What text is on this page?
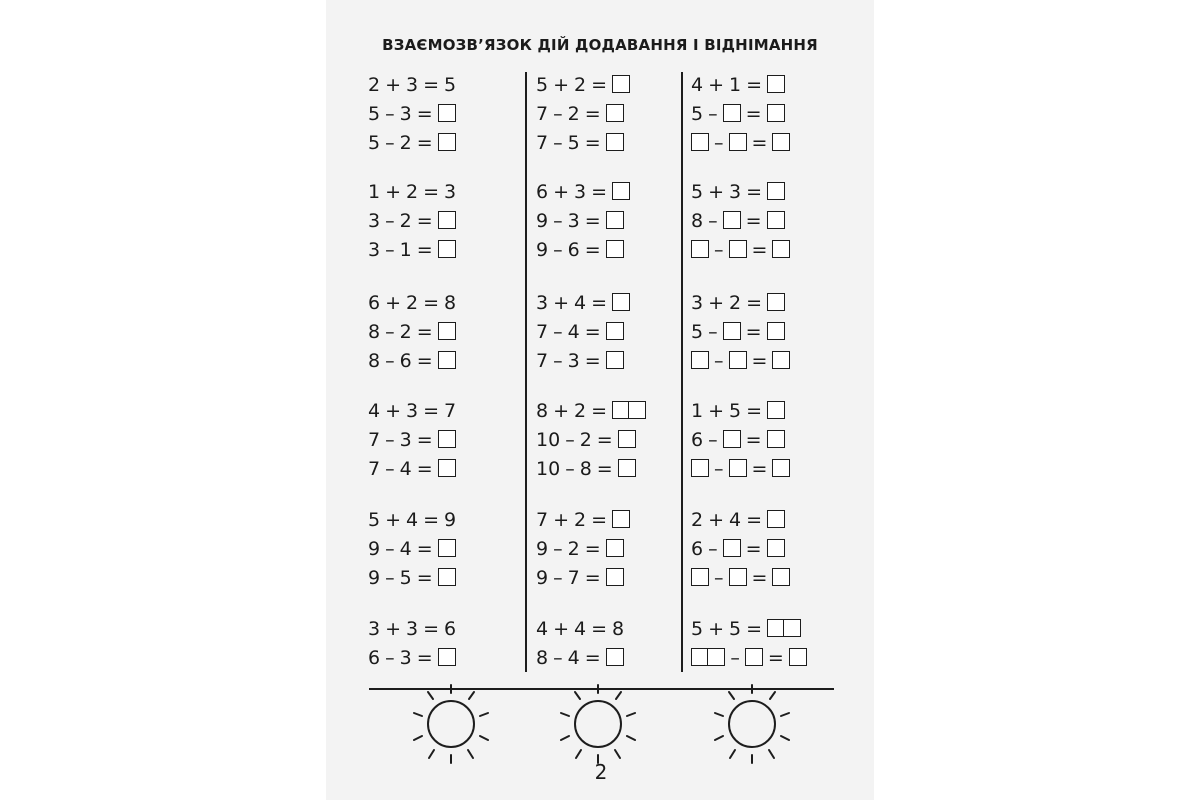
ВЗАЄМОЗВ’ЯЗОК ДІЙ ДОДАВАННЯ І ВІДНІМАННЯ
2 + 3 = 5
5 – 3 =
5 – 2 =
1 + 2 = 3
3 – 2 =
3 – 1 =
6 + 2 = 8
8 – 2 =
8 – 6 =
4 + 3 = 7
7 – 3 =
7 – 4 =
5 + 4 = 9
9 – 4 =
9 – 5 =
3 + 3 = 6
6 – 3 =
5 + 2 =
7 – 2 =
7 – 5 =
6 + 3 =
9 – 3 =
9 – 6 =
3 + 4 =
7 – 4 =
7 – 3 =
8 + 2 =
10 – 2 =
10 – 8 =
7 + 2 =
9 – 2 =
9 – 7 =
4 + 4 = 8
8 – 4 =
4 + 1 =
5 – =
– =
5 + 3 =
8 – =
– =
3 + 2 =
5 – =
– =
1 + 5 =
6 – =
– =
2 + 4 =
6 – =
– =
5 + 5 =
– =
2
